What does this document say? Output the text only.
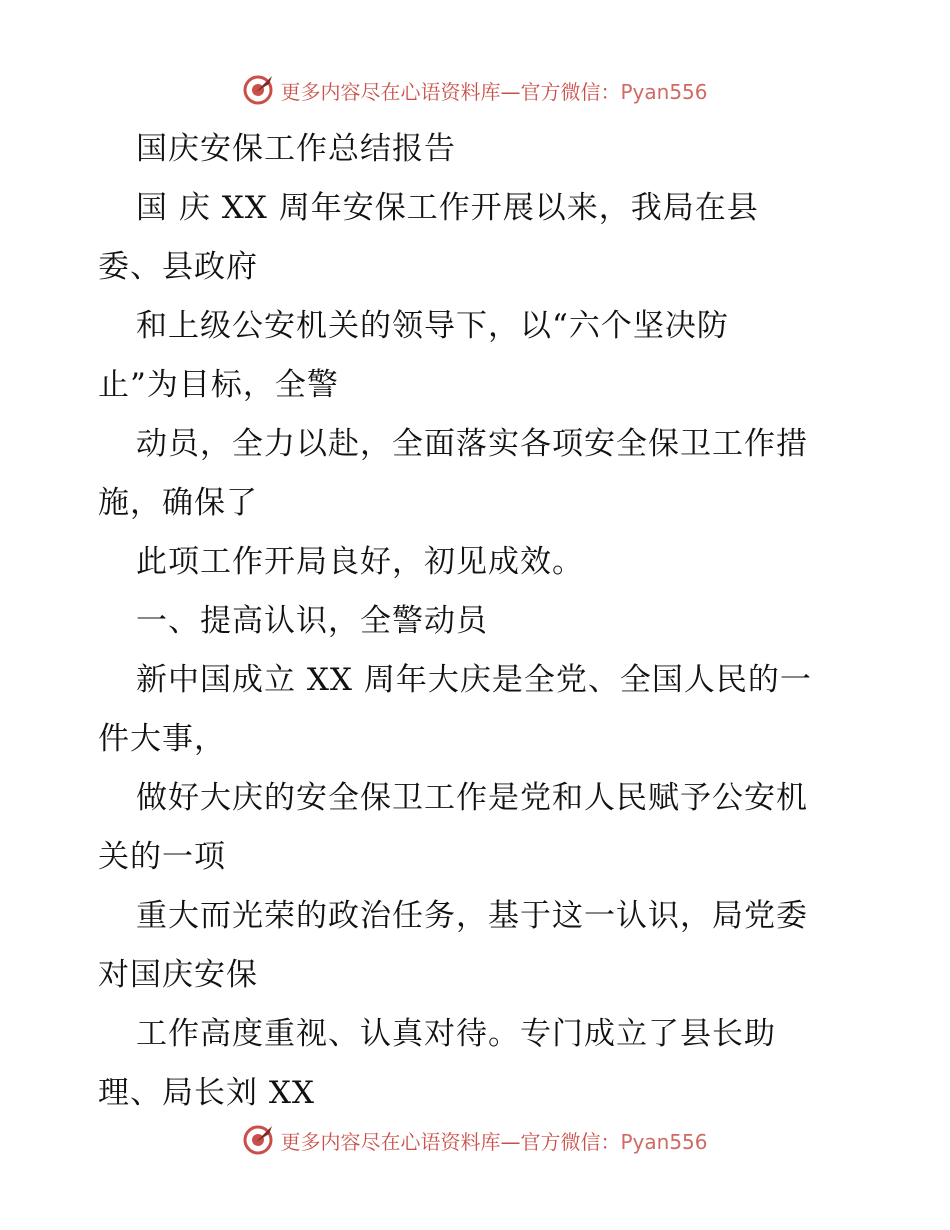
更多内容尽在心语资料库—官方微信：Pyan556
国庆安保工作总结报告
国 庆 XX 周年安保工作开展以来，我局在县
委、县政府
和上级公安机关的领导下，以“六个坚决防
止”为目标，全警
动员，全力以赴，全面落实各项安全保卫工作措
施，确保了
此项工作开局良好，初见成效。
一、提高认识，全警动员
新中国成立 XX 周年大庆是全党、全国人民的一
件大事，
做好大庆的安全保卫工作是党和人民赋予公安机
关的一项
重大而光荣的政治任务，基于这一认识，局党委
对国庆安保
工作高度重视、认真对待。专门成立了县长助
理、局长刘 XX
更多内容尽在心语资料库—官方微信：Pyan556
